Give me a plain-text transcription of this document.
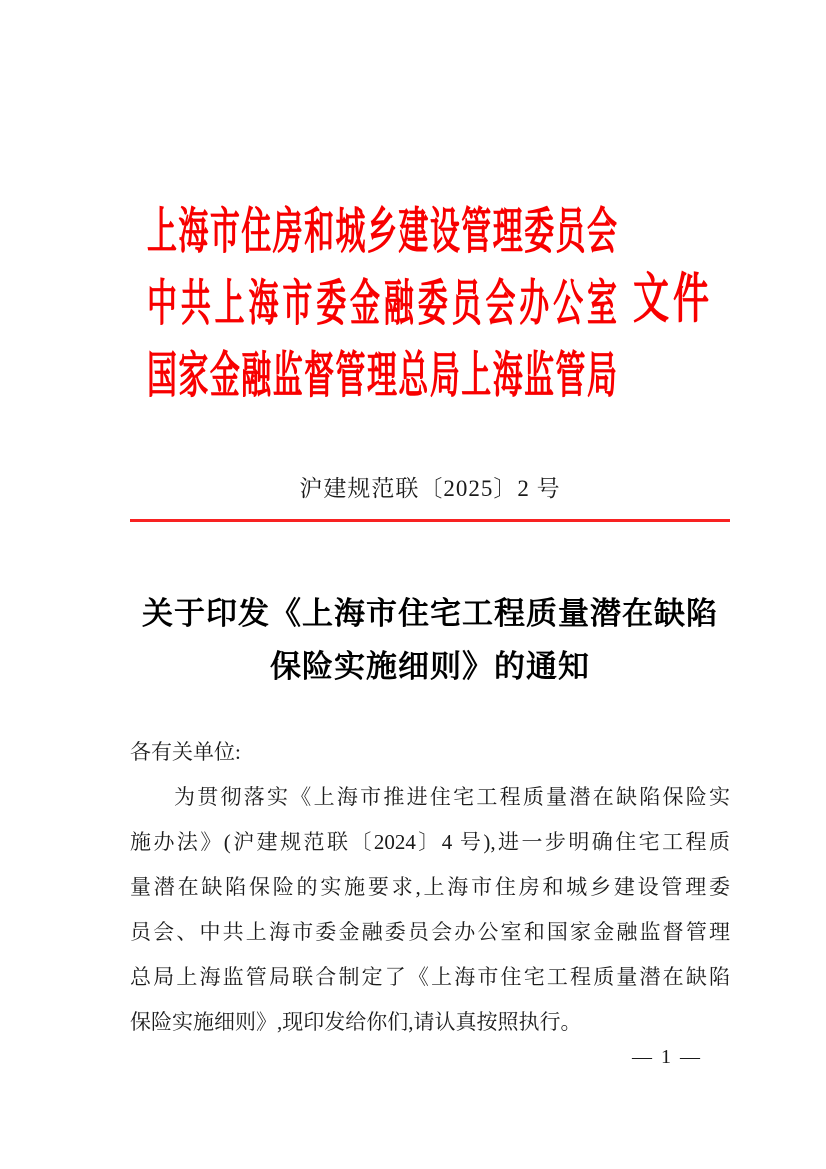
上海市住房和城乡建设管理委员会
中共上海市委金融委员会办公室
国家金融监督管理总局上海监管局
文件
沪建规范联〔2025〕2 号
关于印发《上海市住宅工程质量潜在缺陷
保险实施细则》的通知
各有关单位:
为贯彻落实《上海市推进住宅工程质量潜在缺陷保险实
施办法》(沪建规范联〔2024〕4 号),进一步明确住宅工程质
量潜在缺陷保险的实施要求,上海市住房和城乡建设管理委
员会、中共上海市委金融委员会办公室和国家金融监督管理
总局上海监管局联合制定了《上海市住宅工程质量潜在缺陷
保险实施细则》,现印发给你们,请认真按照执行。
— 1 —
